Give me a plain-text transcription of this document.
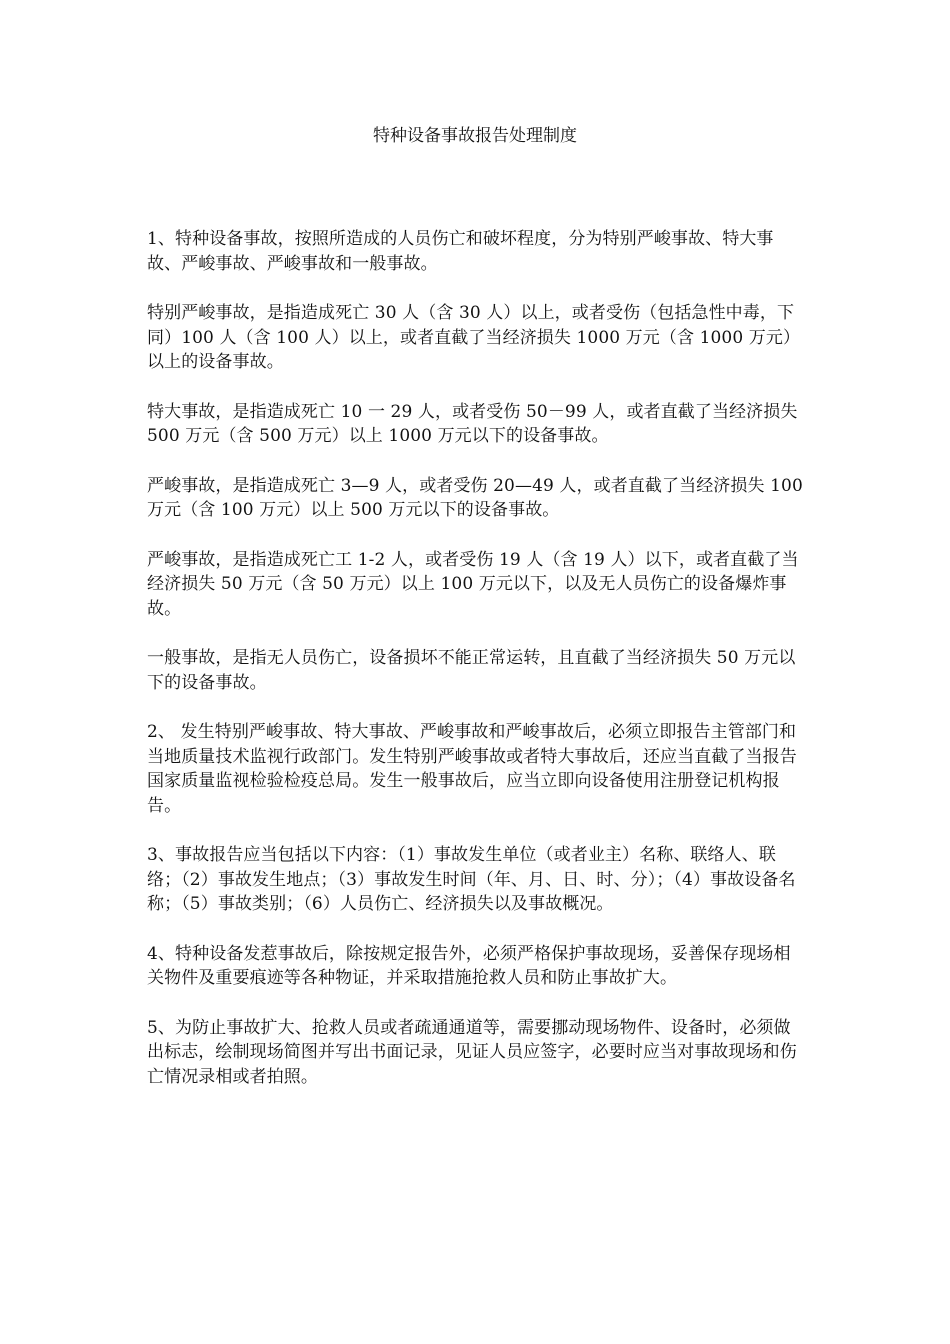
特种设备事故报告处理制度

1、特种设备事故，按照所造成的人员伤亡和破坏程度，分为特别严峻事故、特大事故、严峻事故、严峻事故和一般事故。

特别严峻事故，是指造成死亡 30 人（含 30 人）以上，或者受伤（包括急性中毒，下同）100 人（含 100 人）以上，或者直截了当经济损失 1000 万元（含 1000 万元）以上的设备事故。

特大事故，是指造成死亡 10 一 29 人，或者受伤 50－99 人，或者直截了当经济损失 500 万元（含 500 万元）以上 1000 万元以下的设备事故。

严峻事故，是指造成死亡 3—9 人，或者受伤 20—49 人，或者直截了当经济损失 100 万元（含 100 万元）以上 500 万元以下的设备事故。

严峻事故，是指造成死亡工 1-2 人，或者受伤 19 人（含 19 人）以下，或者直截了当经济损失 50 万元（含 50 万元）以上 100 万元以下，以及无人员伤亡的设备爆炸事故。

一般事故，是指无人员伤亡，设备损坏不能正常运转，且直截了当经济损失 50 万元以下的设备事故。

2、 发生特别严峻事故、特大事故、严峻事故和严峻事故后，必须立即报告主管部门和当地质量技术监视行政部门。发生特别严峻事故或者特大事故后，还应当直截了当报告国家质量监视检验检疫总局。发生一般事故后，应当立即向设备使用注册登记机构报告。

3、事故报告应当包括以下内容：（1）事故发生单位（或者业主）名称、联络人、联络；（2）事故发生地点；（3）事故发生时间（年、月、日、时、分）；（4）事故设备名称；（5）事故类别；（6）人员伤亡、经济损失以及事故概况。

4、特种设备发惹事故后，除按规定报告外，必须严格保护事故现场，妥善保存现场相关物件及重要痕迹等各种物证，并采取措施抢救人员和防止事故扩大。

5、为防止事故扩大、抢救人员或者疏通通道等，需要挪动现场物件、设备时，必须做出标志，绘制现场简图并写出书面记录，见证人员应签字，必要时应当对事故现场和伤亡情况录相或者拍照。
